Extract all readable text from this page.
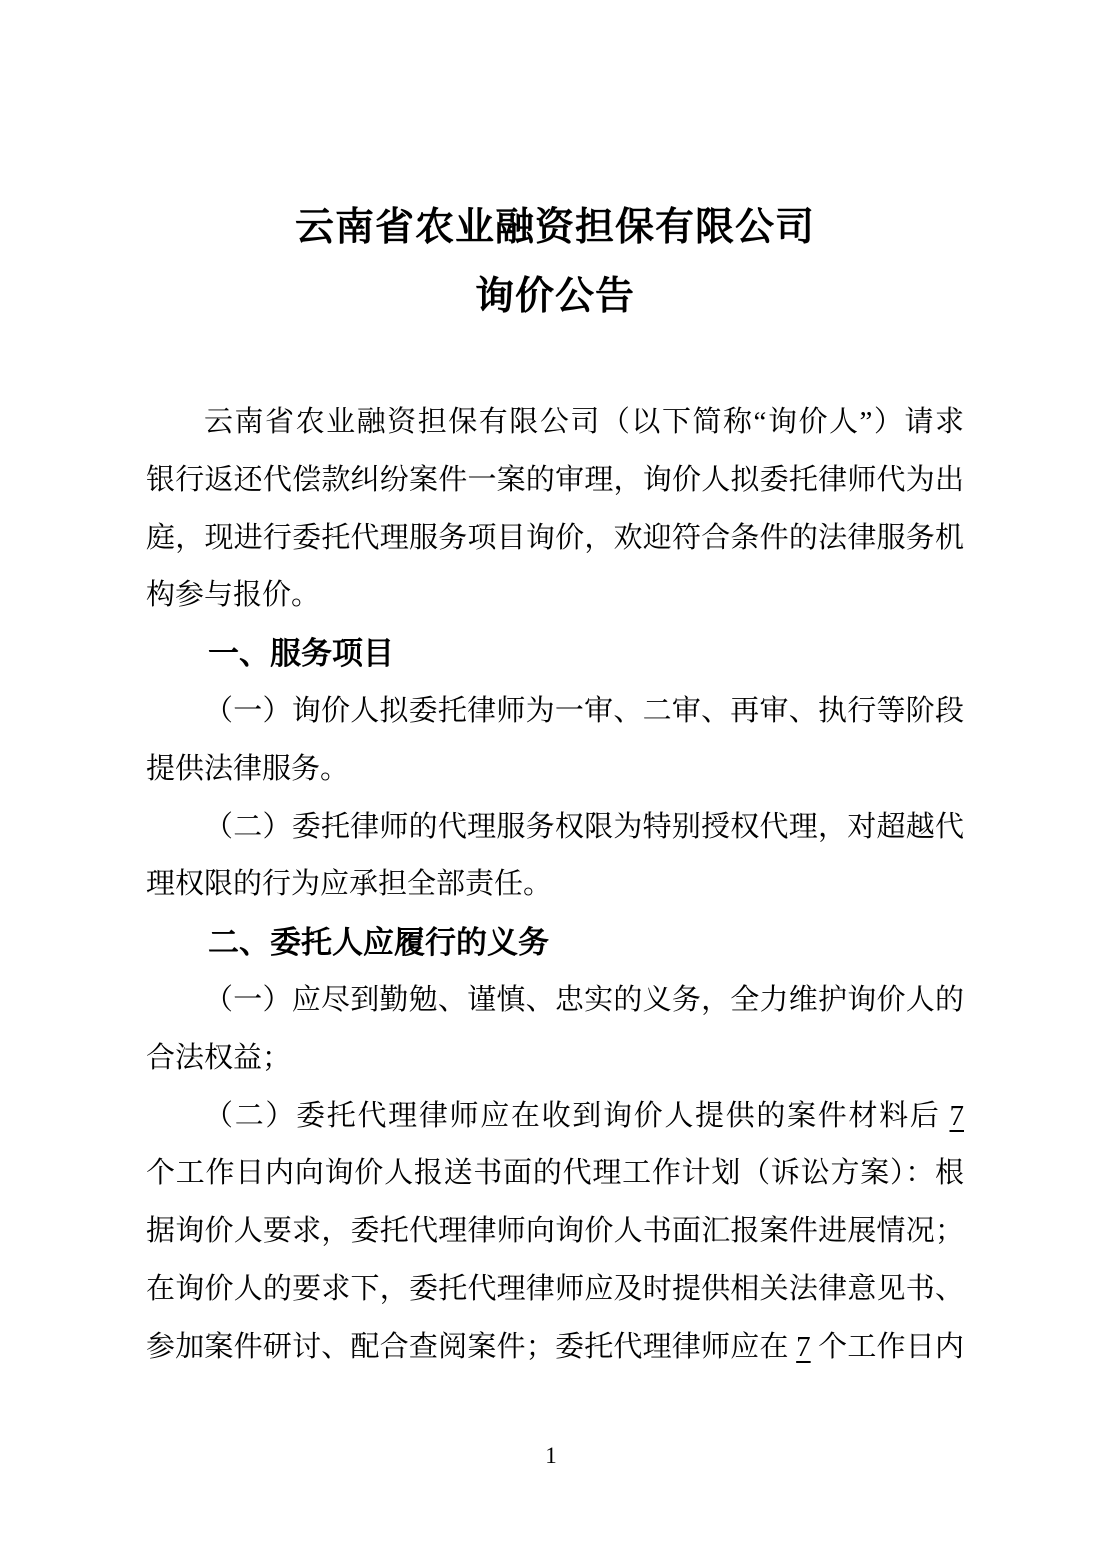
云南省农业融资担保有限公司
询价公告
云南省农业融资担保有限公司（以下简称“询价人”）请求
银行返还代偿款纠纷案件一案的审理，询价人拟委托律师代为出
庭，现进行委托代理服务项目询价，欢迎符合条件的法律服务机
构参与报价。
一、服务项目
（一）询价人拟委托律师为一审、二审、再审、执行等阶段
提供法律服务。
（二）委托律师的代理服务权限为特别授权代理，对超越代
理权限的行为应承担全部责任。
二、委托人应履行的义务
（一）应尽到勤勉、谨慎、忠实的义务，全力维护询价人的
合法权益；
（二）委托代理律师应在收到询价人提供的案件材料后 7
个工作日内向询价人报送书面的代理工作计划（诉讼方案）：根
据询价人要求，委托代理律师向询价人书面汇报案件进展情况；
在询价人的要求下，委托代理律师应及时提供相关法律意见书、
参加案件研讨、配合查阅案件；委托代理律师应在 7 个工作日内
1
